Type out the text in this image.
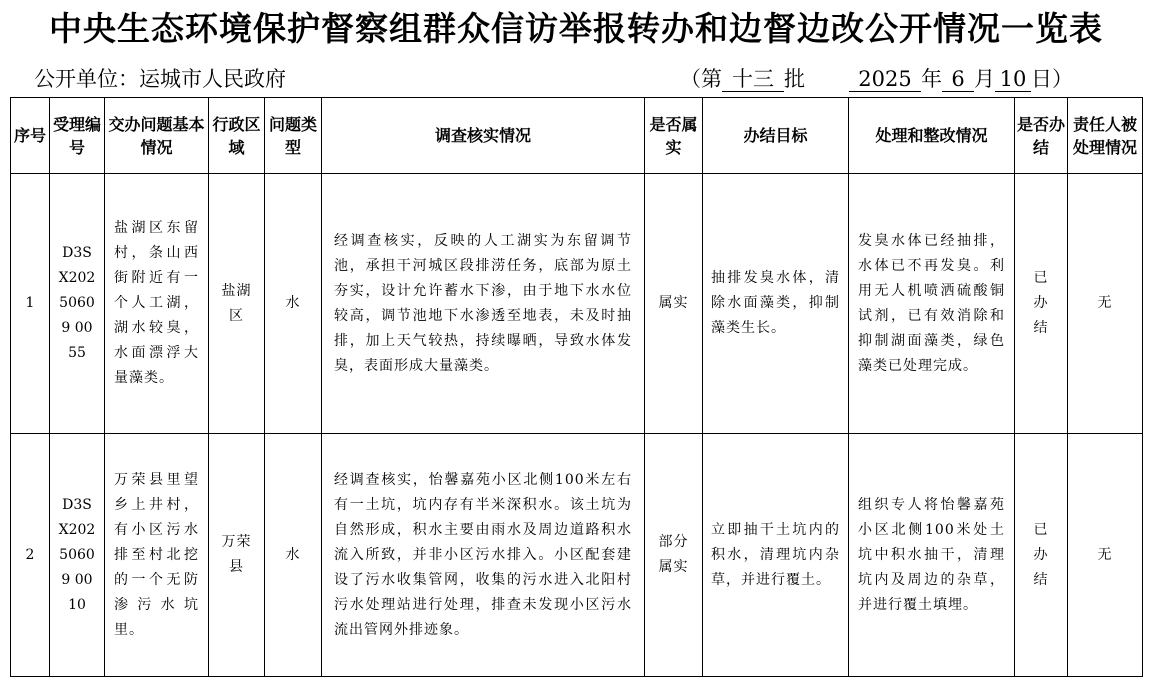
中央生态环境保护督察组群众信访举报转办和边督边改公开情况一览表
公开单位：运城市人民政府	（第 十三 批	2025 年 6 月 10 日）
序号	受理编号	交办问题基本情况	行政区域	问题类型	调查核实情况	是否属实	办结目标	处理和整改情况	是否办结	责任人被处理情况
1	D3SX20250609 0055	盐湖区东留村，条山西街附近有一个人工湖，湖水较臭，水面漂浮大量藻类。	盐湖区	水	经调查核实，反映的人工湖实为东留调节池，承担干河城区段排涝任务，底部为原土夯实，设计允许蓄水下渗，由于地下水水位较高，调节池地下水渗透至地表，未及时抽排，加上天气较热，持续曝晒，导致水体发臭，表面形成大量藻类。	属实	抽排发臭水体，清除水面藻类，抑制藻类生长。	发臭水体已经抽排，水体已不再发臭。利用无人机喷洒硫酸铜试剂，已有效消除和抑制湖面藻类，绿色藻类已处理完成。	已办结	无
2	D3SX20250609 0010	万荣县里望乡上井村，有小区污水排至村北挖的一个无防渗污水坑里。	万荣县	水	经调查核实，怡馨嘉苑小区北侧100米左右有一土坑，坑内存有半米深积水。该土坑为自然形成，积水主要由雨水及周边道路积水流入所致，并非小区污水排入。小区配套建设了污水收集管网，收集的污水进入北阳村污水处理站进行处理，排查未发现小区污水流出管网外排迹象。	部分属实	立即抽干土坑内的积水，清理坑内杂草，并进行覆土。	组织专人将怡馨嘉苑小区北侧100米处土坑中积水抽干，清理坑内及周边的杂草，并进行覆土填埋。	已办结	无
